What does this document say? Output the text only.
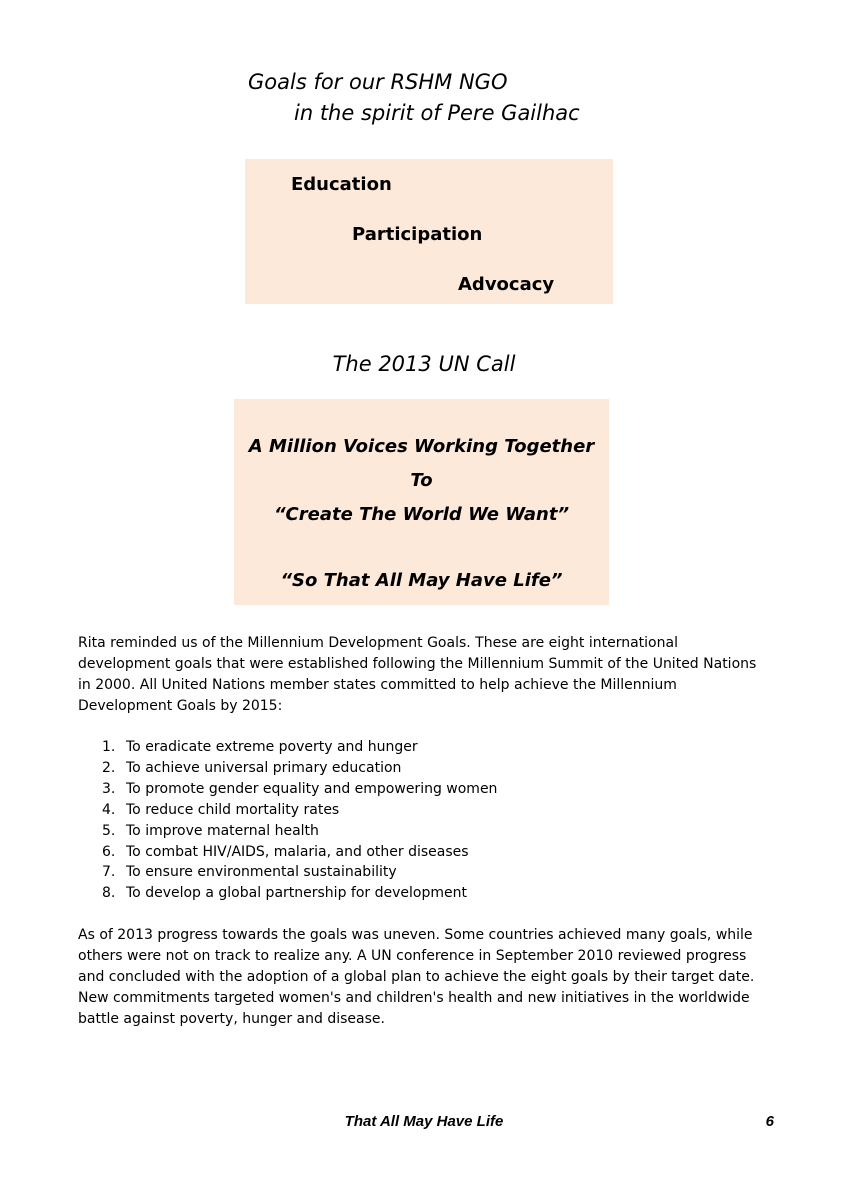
Goals for our RSHM NGO
in the spirit of Pere Gailhac
Education
Participation
Advocacy
The 2013 UN Call
A Million Voices Working Together
To
“Create The World We Want”
“So That All May Have Life”

Rita reminded us of the Millennium Development Goals. These are eight international development goals that were established following the Millennium Summit of the United Nations in 2000. All United Nations member states committed to help achieve the Millennium Development Goals by 2015:

1. To eradicate extreme poverty and hunger
2. To achieve universal primary education
3. To promote gender equality and empowering women
4. To reduce child mortality rates
5. To improve maternal health
6. To combat HIV/AIDS, malaria, and other diseases
7. To ensure environmental sustainability
8. To develop a global partnership for development

As of 2013 progress towards the goals was uneven. Some countries achieved many goals, while others were not on track to realize any. A UN conference in September 2010 reviewed progress and concluded with the adoption of a global plan to achieve the eight goals by their target date. New commitments targeted women's and children's health and new initiatives in the worldwide battle against poverty, hunger and disease.

That All May Have Life	6
